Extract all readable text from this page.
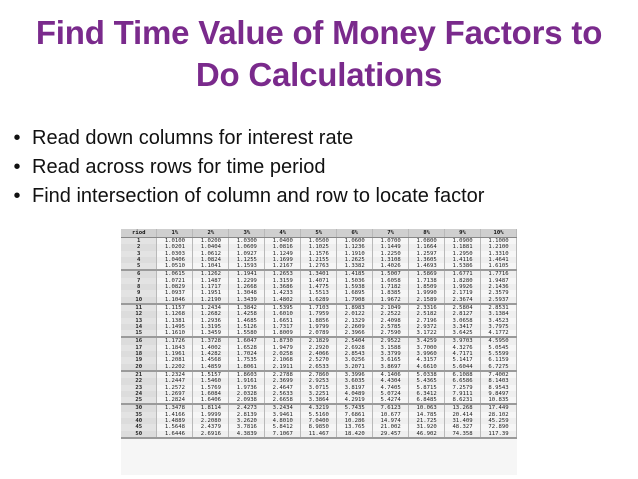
Find Time Value of Money Factors to
Do Calculations
• Read down columns for interest rate
• Read across rows for time period
• Find intersection of column and row to locate factor
riod	1%	2%	3%	4%	5%	6%	7%	8%	9%	10%
1	1.0100	1.0200	1.0300	1.0400	1.0500	1.0600	1.0700	1.0800	1.0900	1.1000
2	1.0201	1.0404	1.0609	1.0816	1.1025	1.1236	1.1449	1.1664	1.1881	1.2100
3	1.0303	1.0612	1.0927	1.1249	1.1576	1.1910	1.2250	1.2597	1.2950	1.3310
4	1.0406	1.0824	1.1255	1.1699	1.2155	1.2625	1.3108	1.3605	1.4116	1.4641
5	1.0510	1.1041	1.1593	1.2167	1.2763	1.3382	1.4026	1.4693	1.5386	1.6105
6	1.0615	1.1262	1.1941	1.2653	1.3401	1.4185	1.5007	1.5869	1.6771	1.7716
7	1.0721	1.1487	1.2299	1.3159	1.4071	1.5036	1.6058	1.7138	1.8280	1.9487
8	1.0829	1.1717	1.2668	1.3686	1.4775	1.5938	1.7182	1.8509	1.9926	2.1436
9	1.0937	1.1951	1.3048	1.4233	1.5513	1.6895	1.8385	1.9990	2.1719	2.3579
10	1.1046	1.2190	1.3439	1.4802	1.6289	1.7908	1.9672	2.1589	2.3674	2.5937
11	1.1157	1.2434	1.3842	1.5395	1.7103	1.8983	2.1049	2.3316	2.5804	2.8531
12	1.1268	1.2682	1.4258	1.6010	1.7959	2.0122	2.2522	2.5182	2.8127	3.1384
13	1.1381	1.2936	1.4685	1.6651	1.8856	2.1329	2.4098	2.7196	3.0658	3.4523
14	1.1495	1.3195	1.5126	1.7317	1.9799	2.2609	2.5785	2.9372	3.3417	3.7975
15	1.1610	1.3459	1.5580	1.8009	2.0789	2.3966	2.7590	3.1722	3.6425	4.1772
16	1.1726	1.3728	1.6047	1.8730	2.1829	2.5404	2.9522	3.4259	3.9703	4.5950
17	1.1843	1.4002	1.6528	1.9479	2.2920	2.6928	3.1588	3.7000	4.3276	5.0545
18	1.1961	1.4282	1.7024	2.0258	2.4066	2.8543	3.3799	3.9960	4.7171	5.5599
19	1.2081	1.4568	1.7535	2.1068	2.5270	3.0256	3.6165	4.3157	5.1417	6.1159
20	1.2202	1.4859	1.8061	2.1911	2.6533	3.2071	3.8697	4.6610	5.6044	6.7275
21	1.2324	1.5157	1.8603	2.2788	2.7860	3.3996	4.1406	5.0338	6.1088	7.4002
22	1.2447	1.5460	1.9161	2.3699	2.9253	3.6035	4.4304	5.4365	6.6586	8.1403
23	1.2572	1.5769	1.9736	2.4647	3.0715	3.8197	4.7405	5.8715	7.2579	8.9543
24	1.2697	1.6084	2.0328	2.5633	3.2251	4.0489	5.0724	6.3412	7.9111	9.8497
25	1.2824	1.6406	2.0938	2.6658	3.3864	4.2919	5.4274	6.8485	8.6231	10.835
30	1.3478	1.8114	2.4273	3.2434	4.3219	5.7435	7.6123	10.063	13.268	17.449
35	1.4166	1.9999	2.8139	3.9461	5.5160	7.6861	10.677	14.785	20.414	28.102
40	1.4889	2.2080	3.2620	4.8010	7.0400	10.286	14.974	21.725	31.409	45.259
45	1.5648	2.4379	3.7816	5.8412	8.9850	13.765	21.002	31.920	48.327	72.890
50	1.6446	2.6916	4.3839	7.1067	11.467	18.420	29.457	46.902	74.358	117.39
